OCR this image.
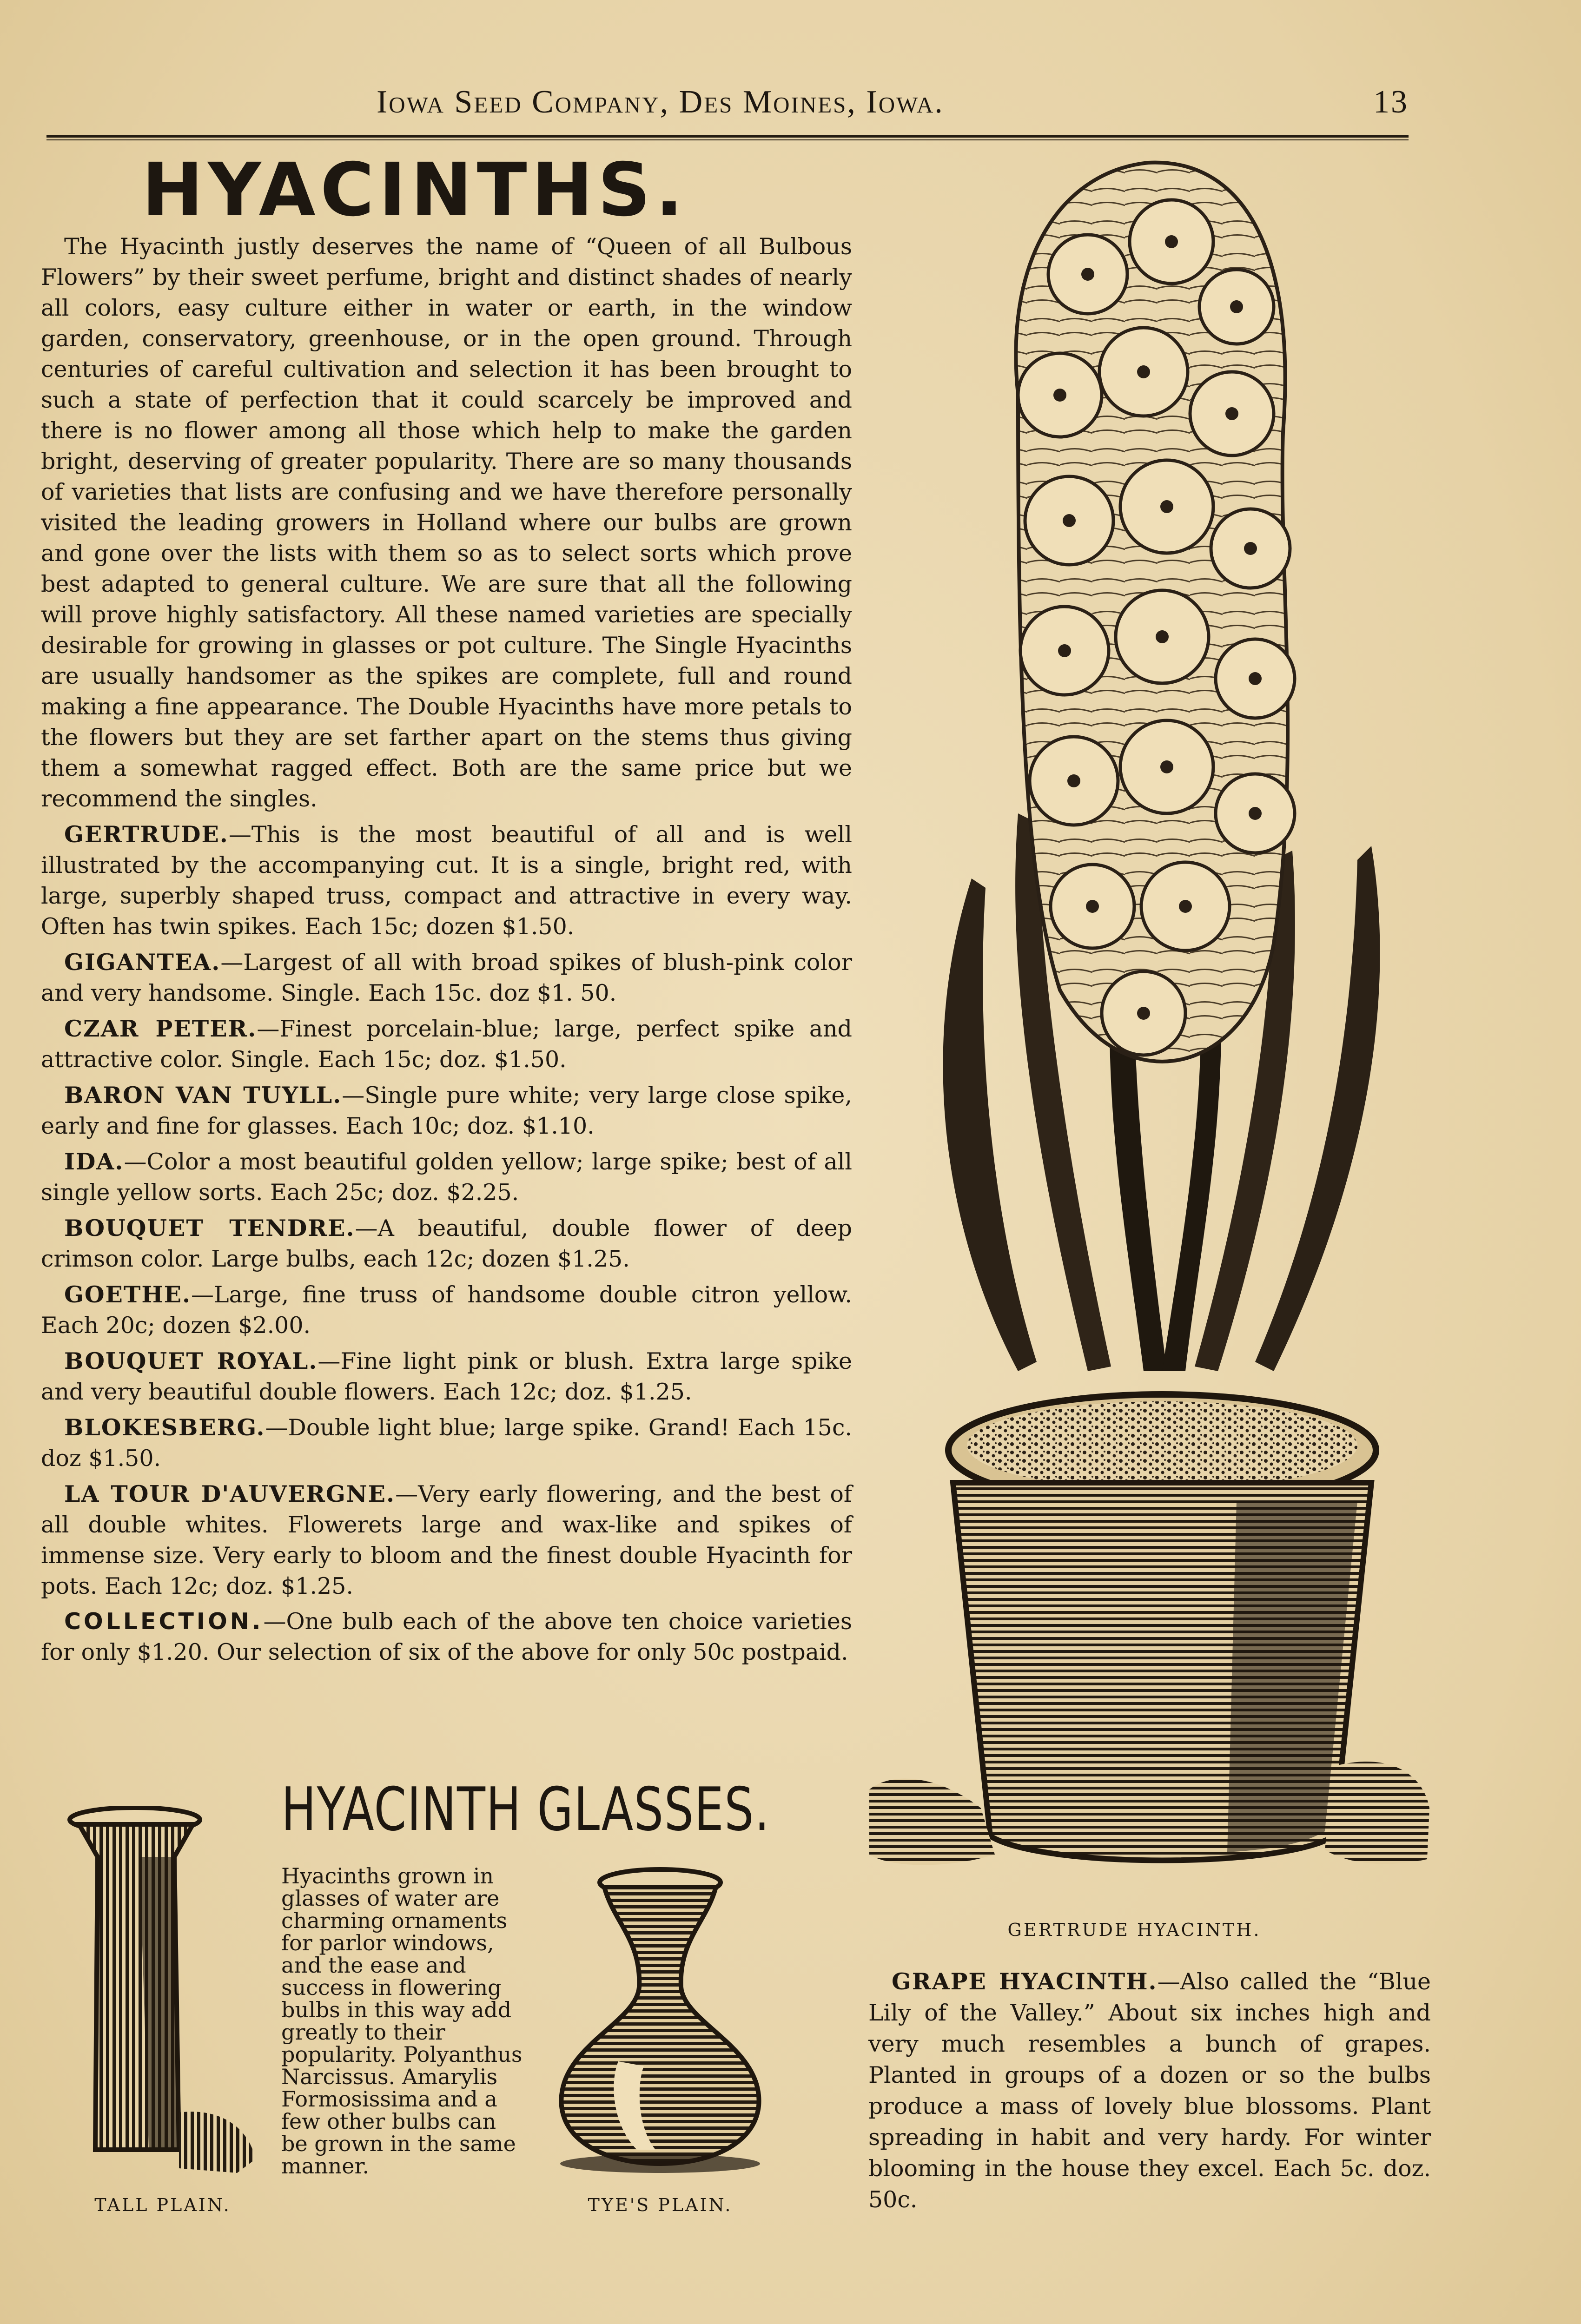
Iowa Seed Company, Des Moines, Iowa.	13
HYACINTHS.

The Hyacinth justly deserves the name of “Queen of all Bulbous Flowers” by their sweet perfume, bright and distinct shades of nearly all colors, easy culture either in water or earth, in the window garden, conservatory, greenhouse, or in the open ground. Through centuries of careful cultivation and selection it has been brought to such a state of perfection that it could scarcely be improved and there is no flower among all those which help to make the garden bright, deserving of greater popularity. There are so many thousands of varieties that lists are confusing and we have therefore personally visited the leading growers in Holland where our bulbs are grown and gone over the lists with them so as to select sorts which prove best adapted to general culture. We are sure that all the following will prove highly satisfactory. All these named varieties are specially desirable for growing in glasses or pot culture. The Single Hyacinths are usually handsomer as the spikes are complete, full and round making a fine appearance. The Double Hyacinths have more petals to the flowers but they are set farther apart on the stems thus giving them a somewhat ragged effect. Both are the same price but we recommend the singles.

GERTRUDE.—This is the most beautiful of all and is well illustrated by the accompanying cut. It is a single, bright red, with large, superbly shaped truss, compact and attractive in every way. Often has twin spikes. Each 15c; dozen $1.50.

GIGANTEA.—Largest of all with broad spikes of blush-pink color and very handsome. Single. Each 15c. doz $1. 50.

CZAR PETER.—Finest porcelain-blue; large, perfect spike and attractive color. Single. Each 15c; doz. $1.50.

BARON VAN TUYLL.—Single pure white; very large close spike, early and fine for glasses. Each 10c; doz. $1.10.

IDA.—Color a most beautiful golden yellow; large spike; best of all single yellow sorts. Each 25c; doz. $2.25.

BOUQUET TENDRE.—A beautiful, double flower of deep crimson color. Large bulbs, each 12c; dozen $1.25.

GOETHE.—Large, fine truss of handsome double citron yellow. Each 20c; dozen $2.00.

BOUQUET ROYAL.—Fine light pink or blush. Extra large spike and very beautiful double flowers. Each 12c; doz. $1.25.

BLOKESBERG.—Double light blue; large spike. Grand! Each 15c. doz $1.50.

LA TOUR D'AUVERGNE.—Very early flowering, and the best of all double whites. Flowerets large and wax-like and spikes of immense size. Very early to bloom and the finest double Hyacinth for pots. Each 12c; doz. $1.25.

COLLECTION.—One bulb each of the above ten choice varieties for only $1.20. Our selection of six of the above for only 50c postpaid.

GERTRUDE HYACINTH.
HYACINTH GLASSES.
TALL PLAIN.
Hyacinths grown in glasses of water are charming ornaments for parlor windows, and the ease and success in flowering bulbs in this way add greatly to their popularity. Polyanthus Narcissus. Amarylis Formosissima and a few other bulbs can be grown in the same manner.
TYE'S PLAIN.
GRAPE HYACINTH.—Also called the “Blue Lily of the Valley.” About six inches high and very much resembles a bunch of grapes. Planted in groups of a dozen or so the bulbs produce a mass of lovely blue blossoms. Plant spreading in habit and very hardy. For winter blooming in the house they excel. Each 5c. doz. 50c.
